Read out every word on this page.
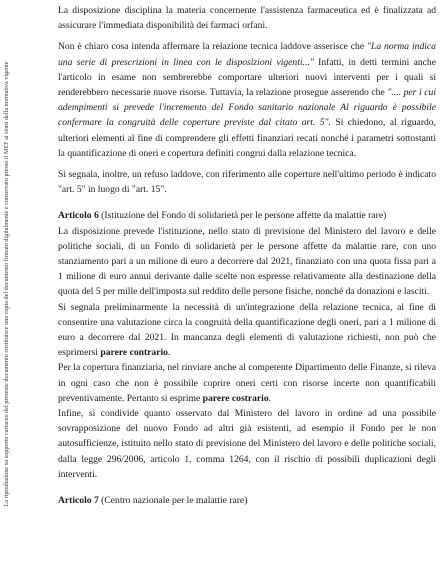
La riproduzione su supporto cartaceo del presente documento costituisce una copia del documento firmato digitalmente e conservato presso il MEF ai sensi della normativa vigente

La disposizione disciplina la materia concernente l'assistenza farmaceutica ed è finalizzata ad assicurare l'immediata disponibilità dei farmaci orfani.

Non è chiaro cosa intenda affermare la relazione tecnica laddove asserisce che "La norma indica una serie di prescrizioni in linea con le disposizioni vigenti..." Infatti, in detti termini anche l'articolo in esame non sembrerebbe comportare ulteriori nuovi interventi per i quali si renderebbero necessarie nuove risorse. Tuttavia, la relazione prosegue asserendo che ".... per i cui adempimenti si prevede l'incremento del Fondo sanitario nazionale Al riguardo è possibile confermare la congruità delle coperture previste dal citato art. 5". Si chiedono, al riguardo, ulteriori elementi al fine di comprendere gli effetti finanziari recati nonché i parametri sottostanti la quantificazione di oneri e copertura definiti congrui dalla relazione tecnica.

Si segnala, inoltre, un refuso laddove, con riferimento alle coperture nell'ultimo periodo è indicato "art. 5" in luogo di "art. 15".

Articolo 6 (Istituzione del Fondo di solidarietà per le persone affette da malattie rare)

La disposizione prevede l'istituzione, nello stato di previsione del Ministero del lavoro e delle politiche sociali, di un Fondo di solidarietà per le persone affette da malattie rare, con uno stanziamento pari a un milione di euro a decorrere dal 2021, finanziato con una quota fissa pari a 1 milione di euro annui derivante dalle scelte non espresse relativamente alla destinazione della quota del 5 per mille dell'imposta sul reddito delle persone fisiche, nonché da donazioni e lasciti.

Si segnala preliminarmente la necessità di un'integrazione della relazione tecnica, al fine di consentire una valutazione circa la congruità della quantificazione degli oneri, pari a 1 milione di euro a decorrere dal 2021. In mancanza degli elementi di valutazione richiesti, non può che esprimersi parere contrario.

Per la copertura finanziaria, nel rinviare anche al competente Dipartimento delle Finanze, si rileva in ogni caso che non è possibile coprire oneri certi con risorse incerte non quantificabili preventivamente. Pertanto si esprime parere costrario.

Infine, si condivide quanto osservato dal Ministero del lavoro in ordine ad una possibile sovrapposizione del nuovo Fondo ad altri già esistenti, ad esempio il Fondo per le non autosufficienze, istituito nello stato di previsione del Ministero del lavoro e delle politiche sociali, dalla legge 296/2006, articolo 1, comma 1264, con il rischio di possibili duplicazioni degli interventi.

Articolo 7 (Centro nazionale per le malattie rare)
